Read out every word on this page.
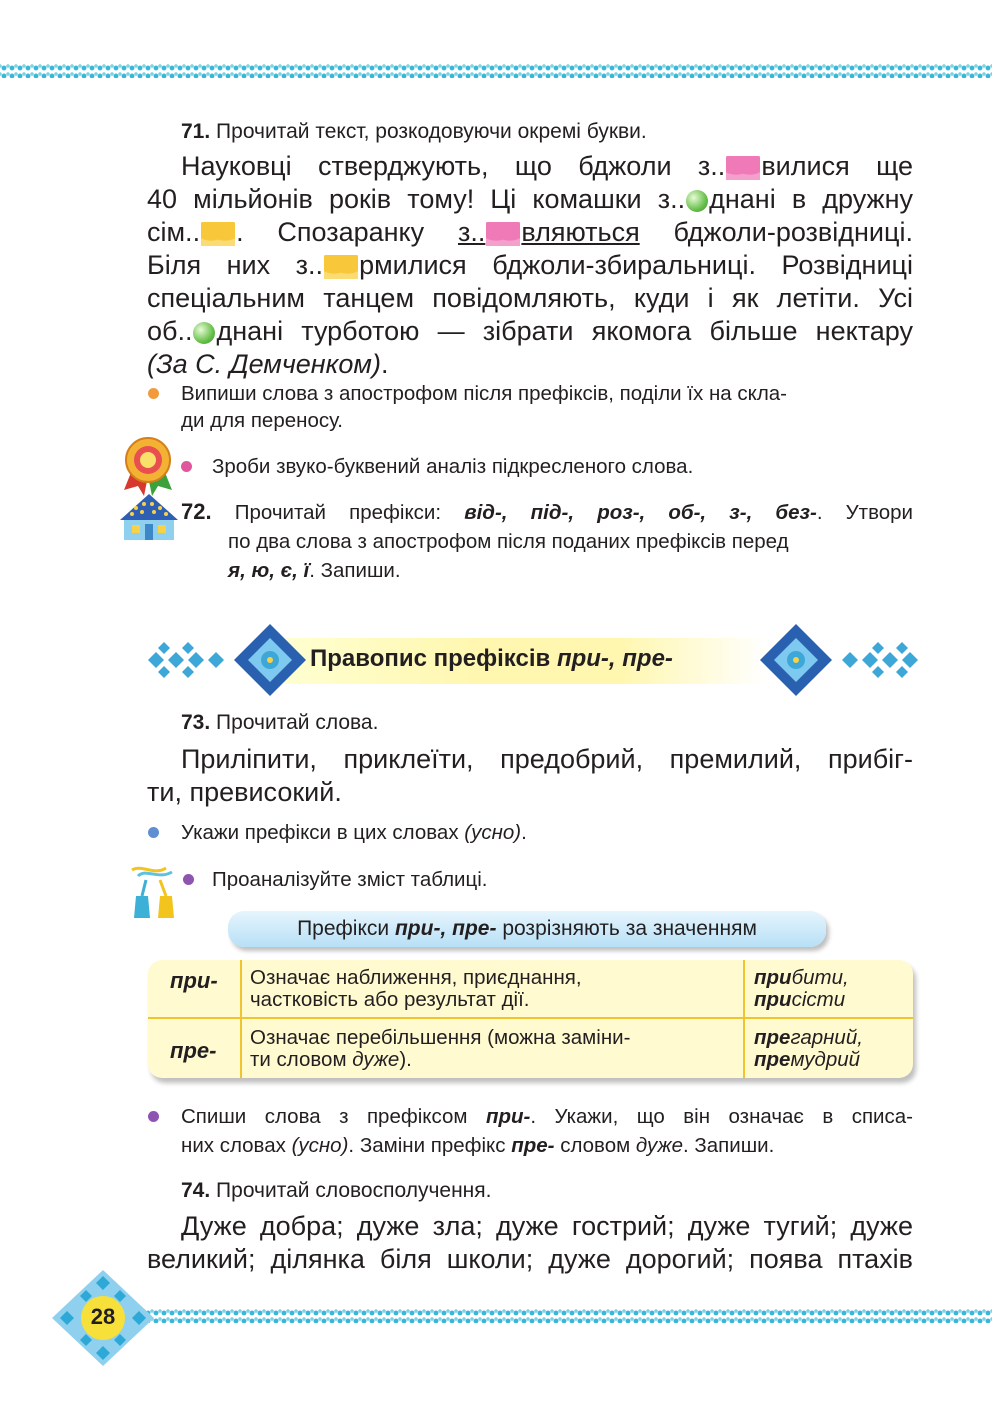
71. Прочитай текст, розкодовуючи окремі букви.
Науковці стверджують, що бджоли з.. вилися ще
40 мільйонів років тому! Ці комашки з.. днані в дружну
сім.. . Спозаранку з.. вляються бджоли-розвідниці.
Біля них з.. рмилися бджоли-збиральниці. Розвідниці
спеціальним танцем повідомляють, куди і як летіти. Усі
об.. днані турботою — зібрати якомога більше нектару
(За С. Демченком).
Випиши слова з апострофом після префіксів, поділи їх на скла-
ди для переносу.
Зроби звуко-буквений аналіз підкресленого слова.
72. Прочитай префікси: від-, під-, роз-, об-, з-, без-. Утвори
по два слова з апострофом після поданих префіксів перед
я, ю, є, ї. Запиши.
Правопис префіксів при-, пре-
73. Прочитай слова.
Приліпити, приклеїти, предобрий, премилий, прибіг-
ти, превисокий.
Укажи префікси в цих словах (усно).
Проаналізуйте зміст таблиці.
Префікси при-, пре- розрізняють за значенням
при- Означає наближення, приєднання,
частковість або результат дії.
прибити,
присісти
пре-
Означає перебільшення (можна заміни-
ти словом дуже).
прегарний,
премудрий
Спиши слова з префіксом при-. Укажи, що він означає в списа-
них словах (усно). Заміни префікс пре- словом дуже. Запиши.
74. Прочитай словосполучення.
Дуже добра; дуже зла; дуже гострий; дуже тугий; дуже
великий; ділянка біля школи; дуже дорогий; поява птахів
28
